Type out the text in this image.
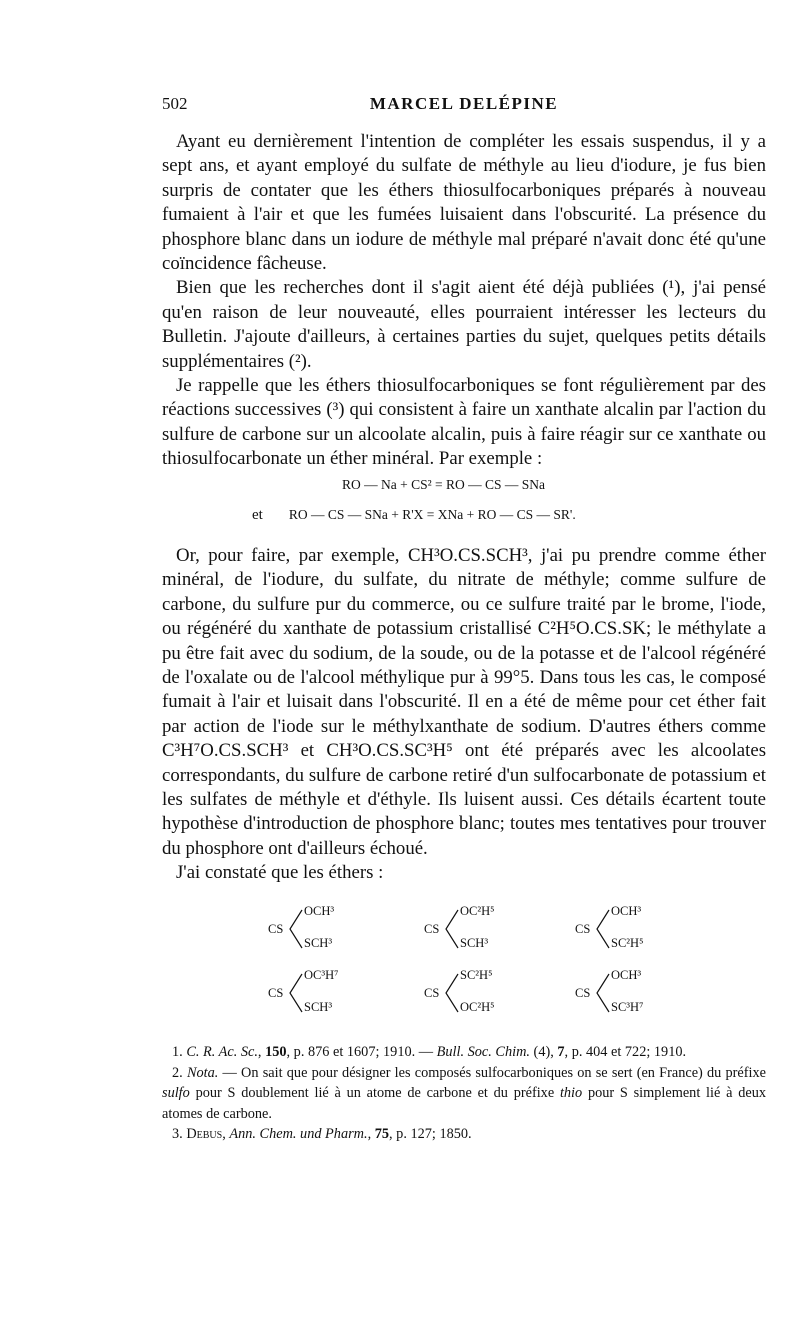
502	MARCEL DELÉPINE

Ayant eu dernièrement l'intention de compléter les essais suspendus, il y a sept ans, et ayant employé du sulfate de méthyle au lieu d'iodure, je fus bien surpris de contater que les éthers thiosulfocarboniques préparés à nouveau fumaient à l'air et que les fumées luisaient dans l'obscurité. La présence du phosphore blanc dans un iodure de méthyle mal préparé n'avait donc été qu'une coïncidence fâcheuse.

Bien que les recherches dont il s'agit aient été déjà publiées (¹), j'ai pensé qu'en raison de leur nouveauté, elles pourraient intéresser les lecteurs du Bulletin. J'ajoute d'ailleurs, à certaines parties du sujet, quelques petits détails supplémentaires (²).

Je rappelle que les éthers thiosulfocarboniques se font régulièrement par des réactions successives (³) qui consistent à faire un xanthate alcalin par l'action du sulfure de carbone sur un alcoolate alcalin, puis à faire réagir sur ce xanthate ou thiosulfocarbonate un éther minéral. Par exemple :

RO — Na + CS² = RO — CS — SNa
et RO — CS — SNa + R'X = XNa + RO — CS — SR'.

Or, pour faire, par exemple, CH³O.CS.SCH³, j'ai pu prendre comme éther minéral, de l'iodure, du sulfate, du nitrate de méthyle; comme sulfure de carbone, du sulfure pur du commerce, ou ce sulfure traité par le brome, l'iode, ou régénéré du xanthate de potassium cristallisé C²H⁵O.CS.SK; le méthylate a pu être fait avec du sodium, de la soude, ou de la potasse et de l'alcool régénéré de l'oxalate ou de l'alcool méthylique pur à 99°5. Dans tous les cas, le composé fumait à l'air et luisait dans l'obscurité. Il en a été de même pour cet éther fait par action de l'iode sur le méthylxanthate de sodium. D'autres éthers comme C³H⁷O.CS.SCH³ et CH³O.CS.SC³H⁵ ont été préparés avec les alcoolates correspondants, du sulfure de carbone retiré d'un sulfocarbonate de potassium et les sulfates de méthyle et d'éthyle. Ils luisent aussi. Ces détails écartent toute hypothèse d'introduction de phosphore blanc; toutes mes tentatives pour trouver du phosphore ont d'ailleurs échoué.

J'ai constaté que les éthers :

CS
OCH³
SCH³
CS
OC²H⁵
SCH³
CS
OCH³
SC²H⁵
CS
OC³H⁷
SCH³
CS
SC²H⁵
OC²H⁵
CS
OCH³
SC³H⁷

1. C. R. Ac. Sc., 150, p. 876 et 1607; 1910. — Bull. Soc. Chim. (4), 7, p. 404 et 722; 1910.

2. Nota. — On sait que pour désigner les composés sulfocarboniques on se sert (en France) du préfixe sulfo pour S doublement lié à un atome de carbone et du préfixe thio pour S simplement lié à deux atomes de carbone.

3. Debus, Ann. Chem. und Pharm., 75, p. 127; 1850.
